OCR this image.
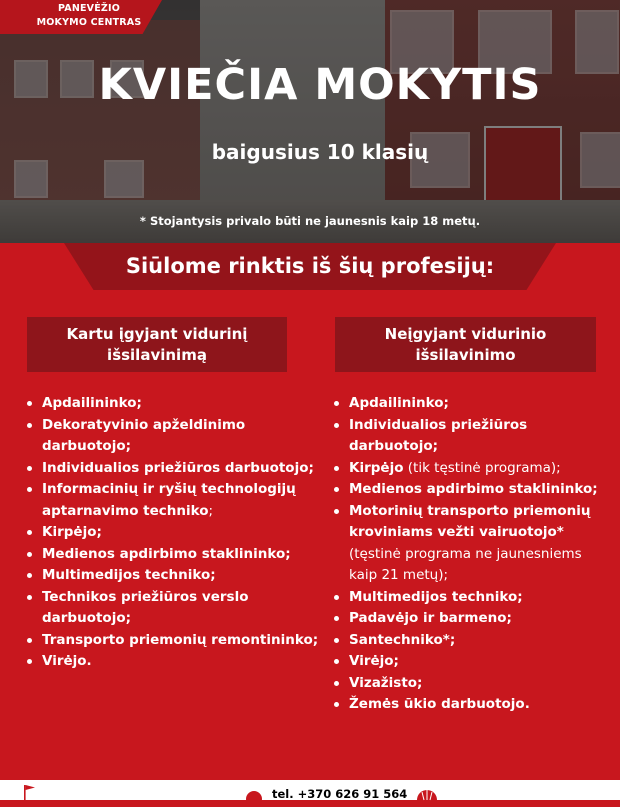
PANEVĖŽIO
MOKYMO CENTRAS
KVIEČIA MOKYTIS
baigusius 10 klasių
* Stojantysis privalo būti ne jaunesnis kaip 18 metų.
Siūlome rinktis iš šių profesijų:
Kartu įgyjant vidurinį
išsilavinimą
Neįgyjant vidurinio
išsilavinimo
Apdailininko;
Dekoratyvinio apželdinimo
darbuotojo;
Individualios priežiūros darbuotojo;
Informacinių ir ryšių technologijų
aptarnavimo techniko;
Kirpėjo;
Medienos apdirbimo staklininko;
Multimedijos techniko;
Technikos priežiūros verslo
darbuotojo;
Transporto priemonių remontininko;
Virėjo.
Apdailininko;
Individualios priežiūros
darbuotojo;
Kirpėjo (tik tęstinė programa);
Medienos apdirbimo staklininko;
Motorinių transporto priemonių
kroviniams vežti vairuotojo*
(tęstinė programa ne jaunesniems
kaip 21 metų);
Multimedijos techniko;
Padavėjo ir barmeno;
Santechniko*;
Virėjo;
Vizažisto;
Žemės ūkio darbuotojo.
tel. +370 626 91 564
